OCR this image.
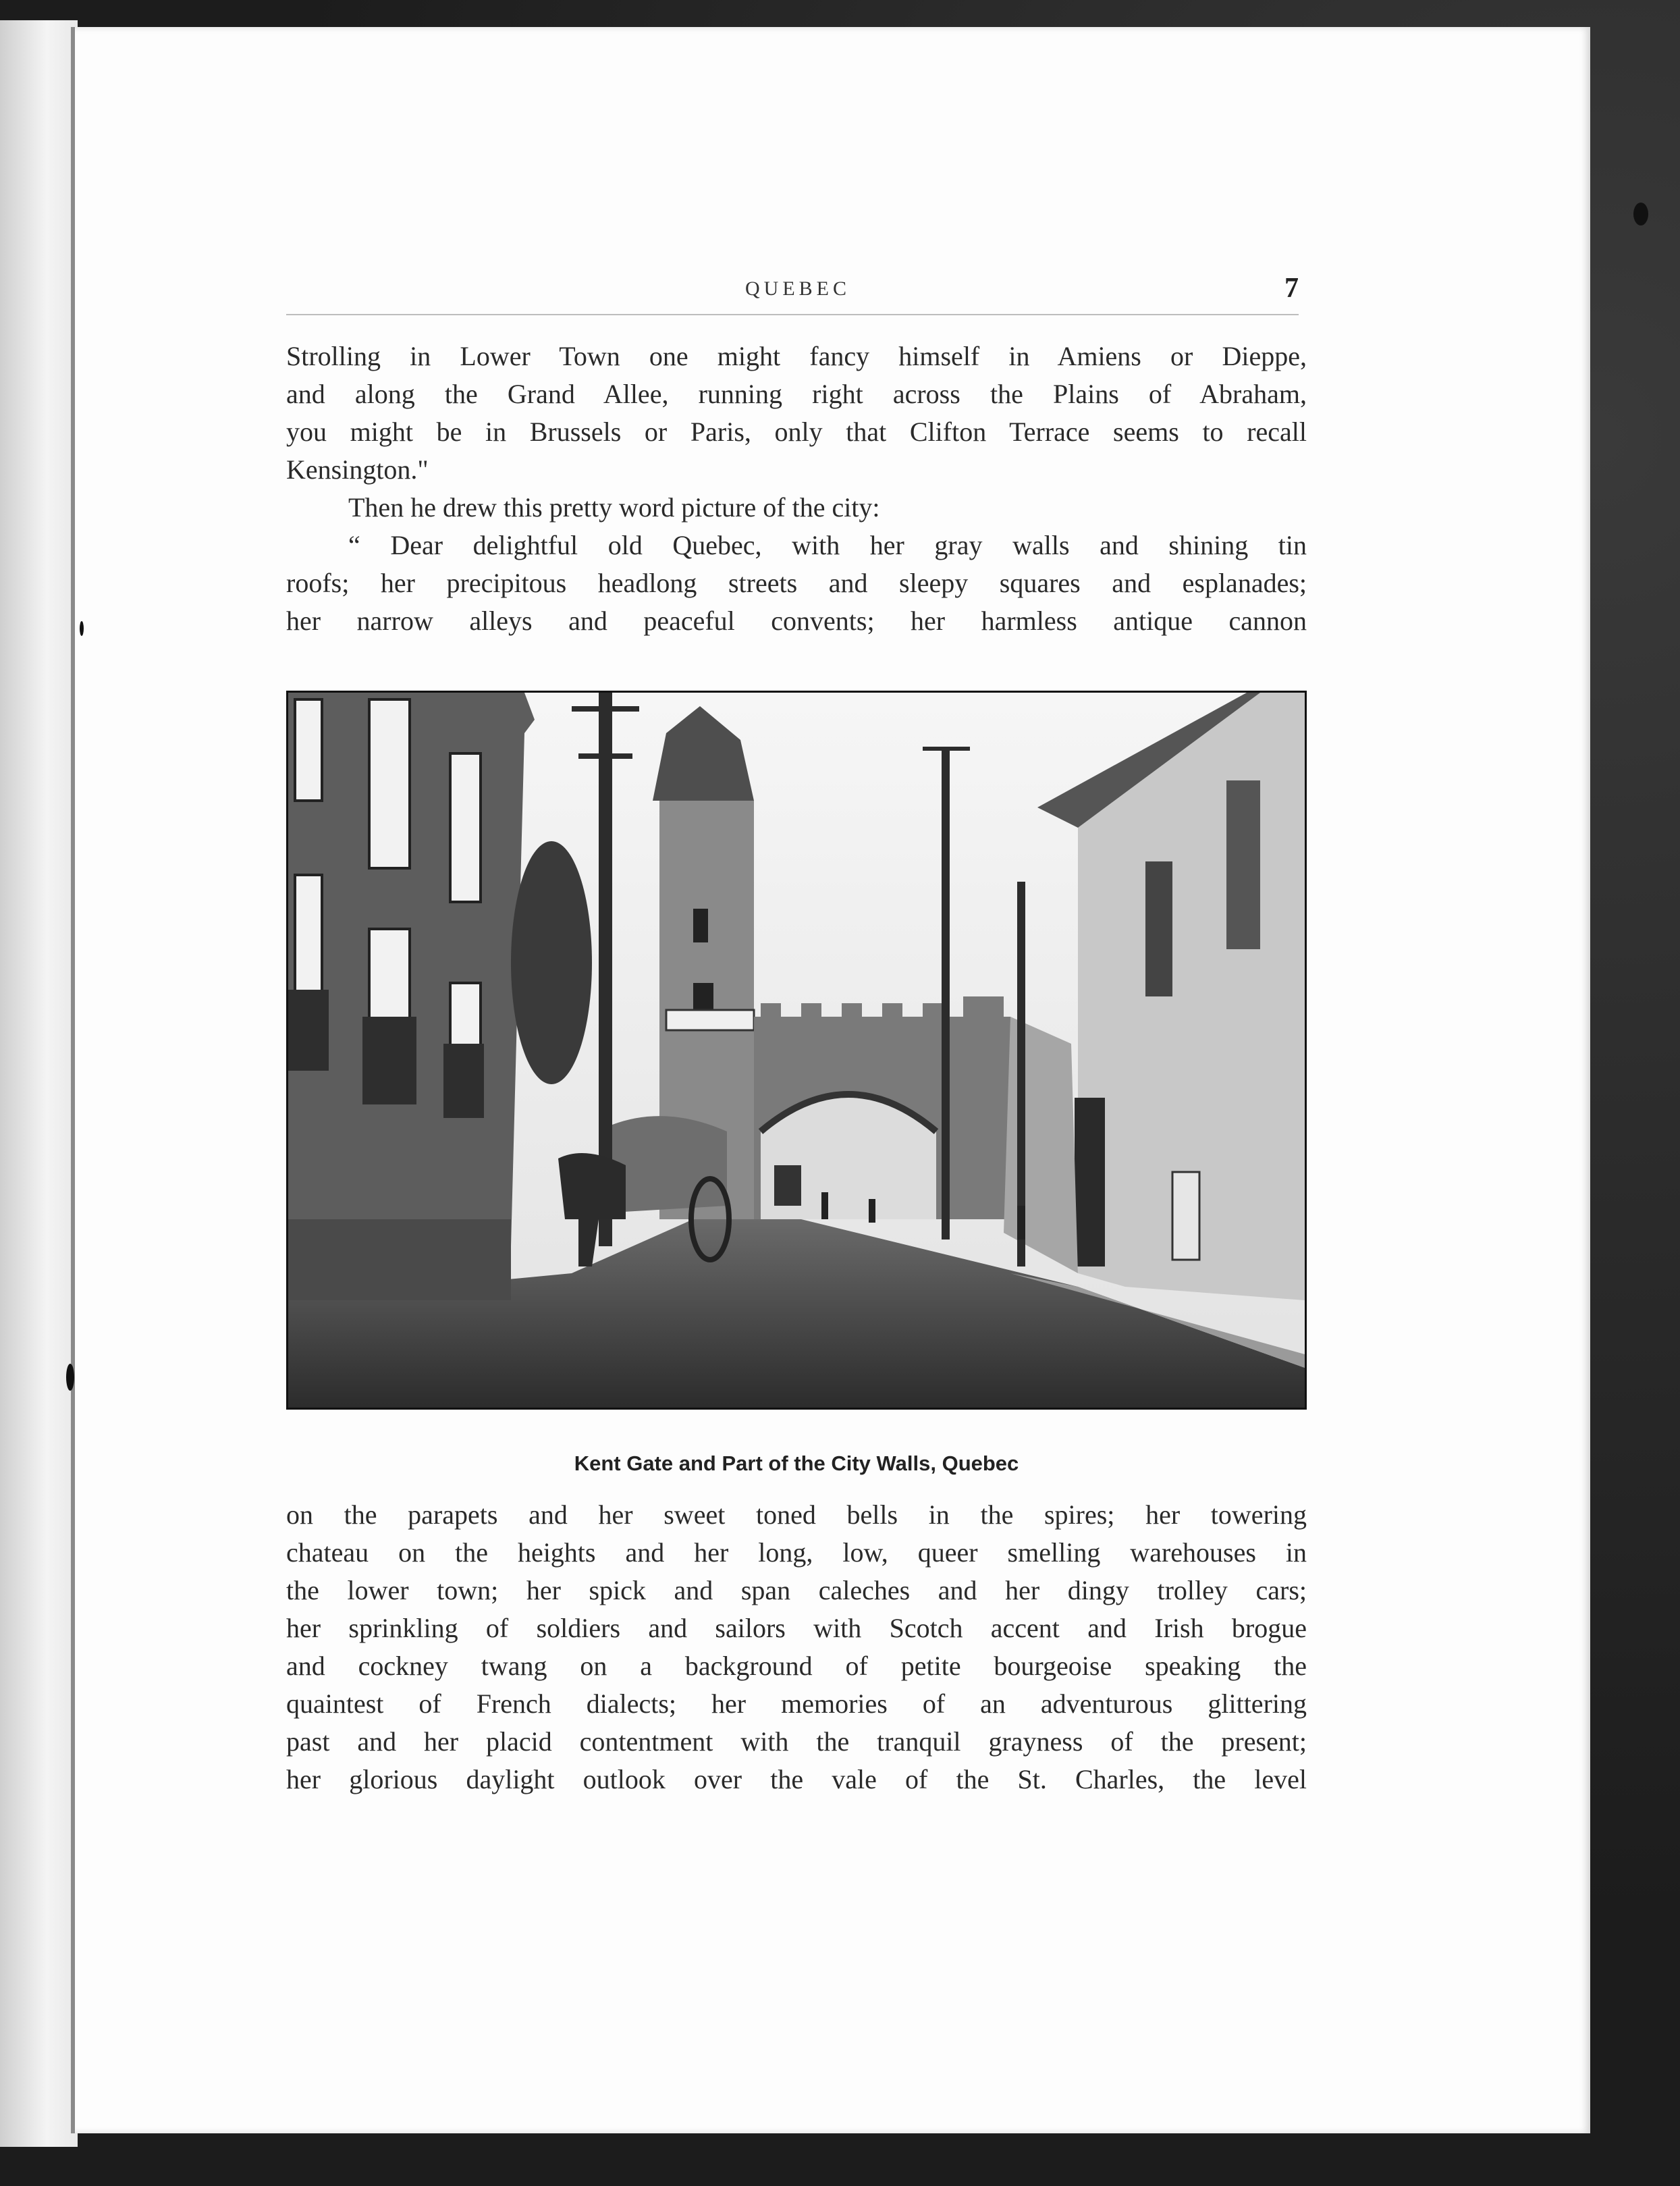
QUEBEC	7
Strolling in Lower Town one might fancy himself in Amiens or Dieppe,
and along the Grand Allee, running right across the Plains of Abraham,
you might be in Brussels or Paris, only that Clifton Terrace seems to recall
Kensington."
Then he drew this pretty word picture of the city:
“ Dear delightful old Quebec, with her gray walls and shining tin
roofs; her precipitous headlong streets and sleepy squares and esplanades;
her narrow alleys and peaceful convents; her harmless antique cannon
Kent Gate and Part of the City Walls, Quebec
on the parapets and her sweet toned bells in the spires; her towering
chateau on the heights and her long, low, queer smelling warehouses in
the lower town; her spick and span caleches and her dingy trolley cars;
her sprinkling of soldiers and sailors with Scotch accent and Irish brogue
and cockney twang on a background of petite bourgeoise speaking the
quaintest of French dialects; her memories of an adventurous glittering
past and her placid contentment with the tranquil grayness of the present;
her glorious daylight outlook over the vale of the St. Charles, the level
